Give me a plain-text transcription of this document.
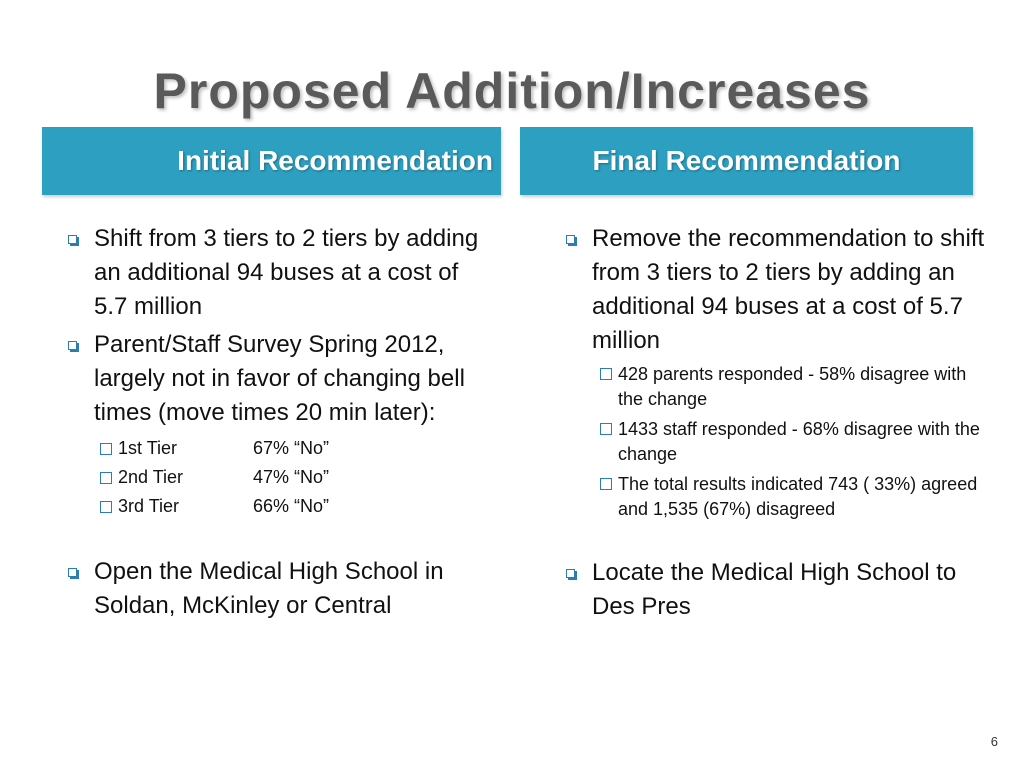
Proposed Addition/Increases
Initial Recommendation	Final Recommendation
Shift from 3 tiers to 2 tiers by adding an additional 94 buses at a cost of 5.7 million
Parent/Staff Survey Spring 2012, largely not in favor of changing bell times (move times 20 min later):
1st Tier	67% “No”
2nd Tier	47% “No”
3rd Tier	66% “No”
Open the Medical High School in Soldan, McKinley or Central
Remove the recommendation to shift from 3 tiers to 2 tiers by adding an additional 94 buses at a cost of 5.7 million
428 parents responded - 58% disagree with the change
1433 staff responded - 68% disagree with the change
The total results indicated 743 ( 33%) agreed and 1,535 (67%) disagreed
Locate the Medical High School to Des Pres
6
